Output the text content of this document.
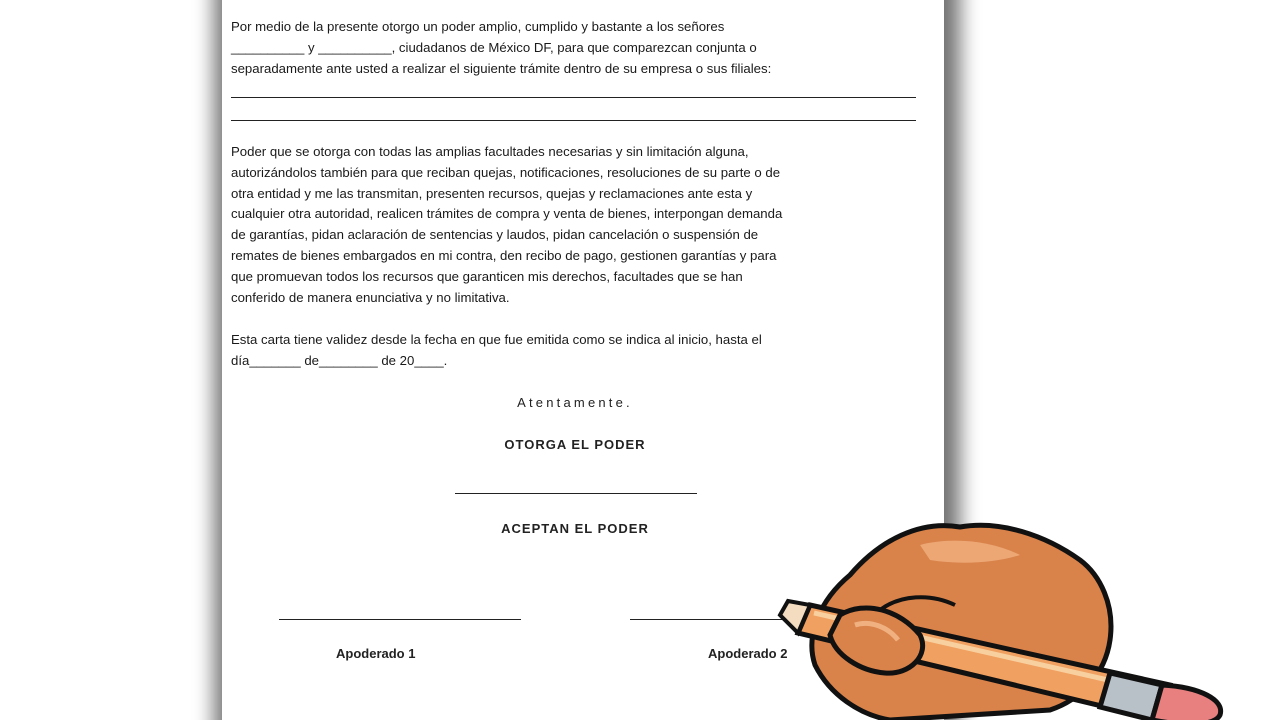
Por medio de la presente otorgo un poder amplio, cumplido y bastante a los señores
__________ y __________, ciudadanos de México DF, para que comparezcan conjunta o
separadamente ante usted a realizar el siguiente trámite dentro de su empresa o sus filiales:

Poder que se otorga con todas las amplias facultades necesarias y sin limitación alguna,
autorizándolos también para que reciban quejas, notificaciones, resoluciones de su parte o de
otra entidad y me las transmitan, presenten recursos, quejas y reclamaciones ante esta y
cualquier otra autoridad, realicen trámites de compra y venta de bienes, interpongan demanda
de garantías, pidan aclaración de sentencias y laudos, pidan cancelación o suspensión de
remates de bienes embargados en mi contra, den recibo de pago, gestionen garantías y para
que promuevan todos los recursos que garanticen mis derechos, facultades que se han
conferido de manera enunciativa y no limitativa.

Esta carta tiene validez desde la fecha en que fue emitida como se indica al inicio, hasta el
día_______ de________ de 20____.

Atentamente.

OTORGA EL PODER

ACEPTAN EL PODER

Apoderado 1	Apoderado 2
